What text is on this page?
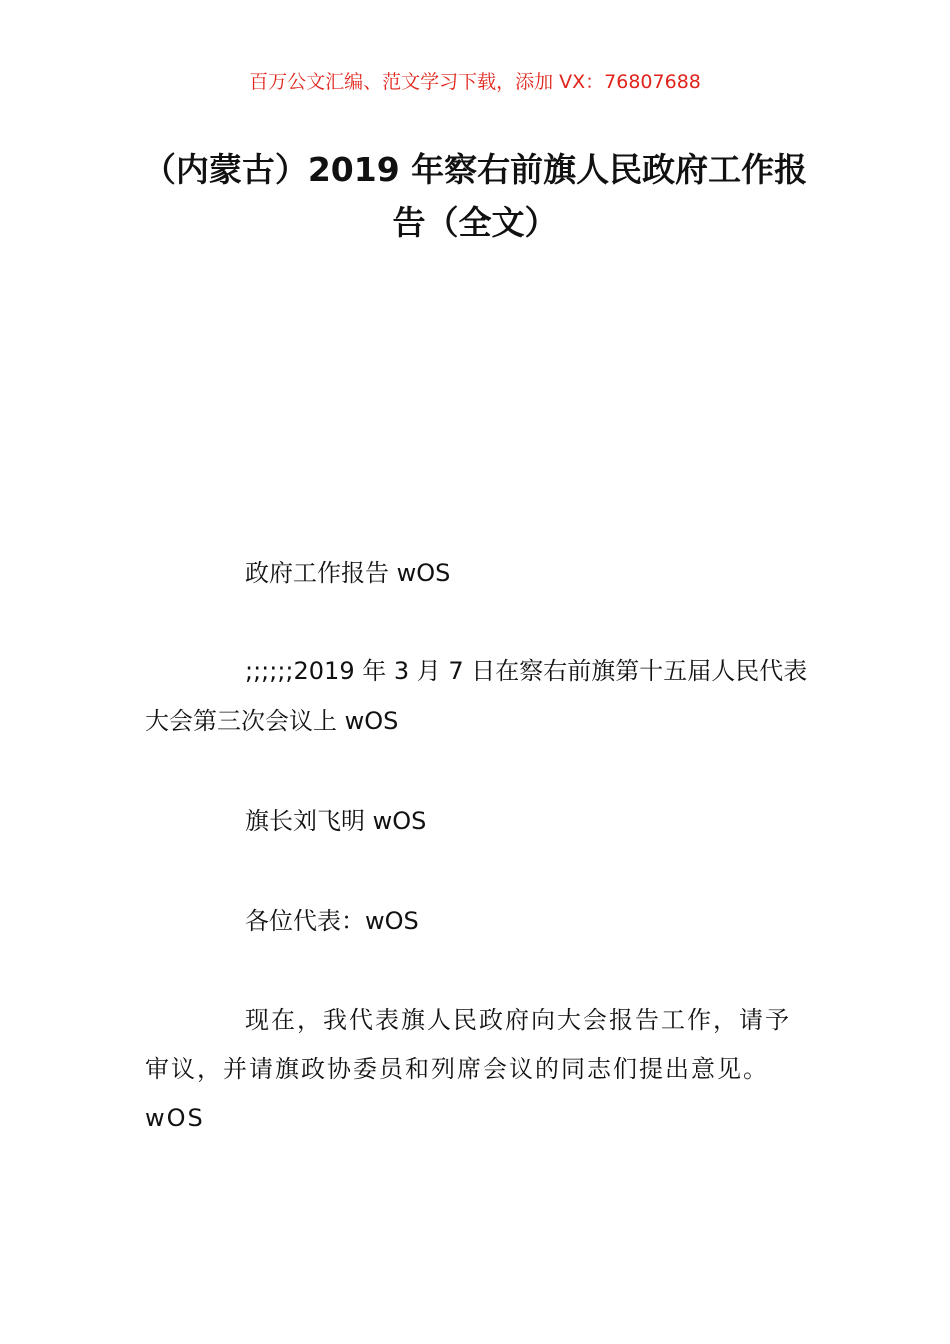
百万公文汇编、范文学习下载，添加 VX：76807688
（内蒙古）2019 年察右前旗人民政府工作报告（全文）

政府工作报告 wOS

;;;;;;2019 年 3 月 7 日在察右前旗第十五届人民代表大会第三次会议上 wOS

旗长刘飞明 wOS

各位代表：wOS

现在，我代表旗人民政府向大会报告工作，请予审议，并请旗政协委员和列席会议的同志们提出意见。wOS
